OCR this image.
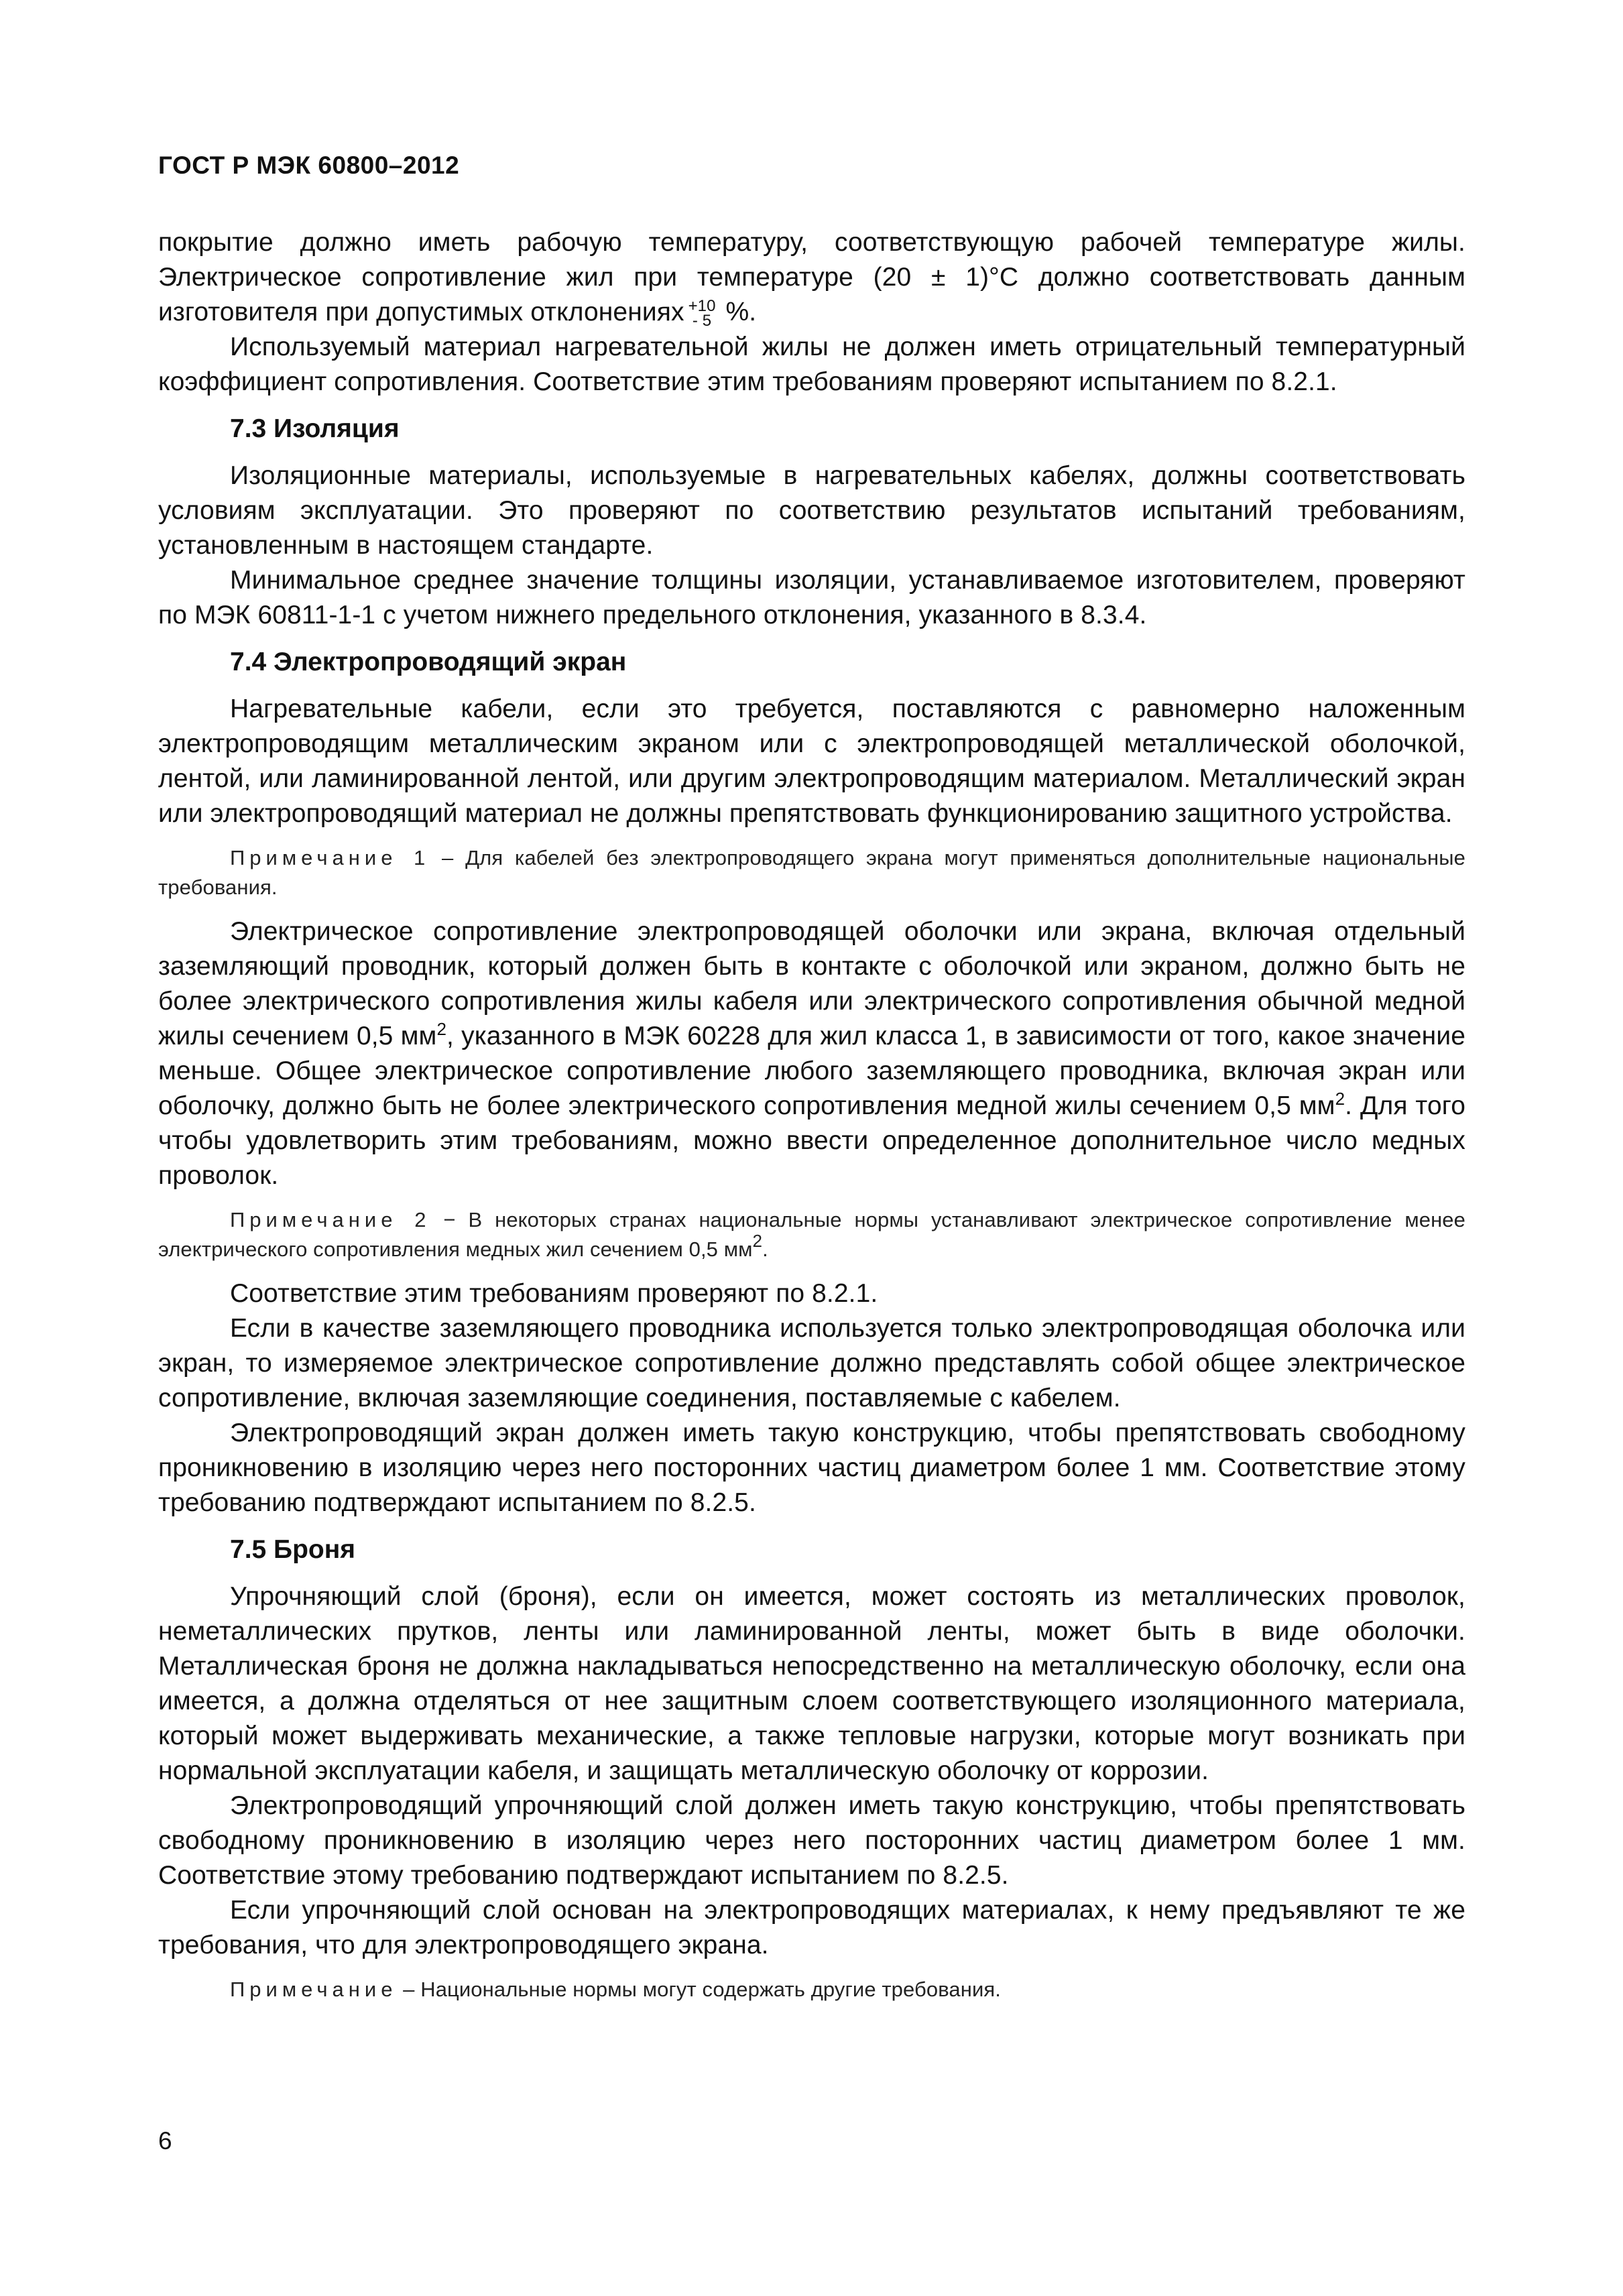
ГОСТ Р МЭК 60800–2012

покрытие должно иметь рабочую температуру, соответствующую рабочей температуре жилы. Электрическое сопротивление жил при температуре (20 ± 1)°C должно соответствовать данным изготовителя при допустимых отклонениях +10
- 5 %.

Используемый материал нагревательной жилы не должен иметь отрицательный температурный коэффициент сопротивления. Соответствие этим требованиям проверяют испытанием по 8.2.1.

7.3 Изоляция

Изоляционные материалы, используемые в нагревательных кабелях, должны соответствовать условиям эксплуатации. Это проверяют по соответствию результатов испытаний требованиям, установленным в настоящем стандарте.

Минимальное среднее значение толщины изоляции, устанавливаемое изготовителем, проверяют по МЭК 60811-1-1 с учетом нижнего предельного отклонения, указанного в 8.3.4.

7.4 Электропроводящий экран

Нагревательные кабели, если это требуется, поставляются с равномерно наложенным электропроводящим металлическим экраном или с электропроводящей металлической оболочкой, лентой, или ламинированной лентой, или другим электропроводящим материалом. Металлический экран или электропроводящий материал не должны препятствовать функционированию защитного устройства.

Примечание 1 – Для кабелей без электропроводящего экрана могут применяться дополнительные национальные требования.

Электрическое сопротивление электропроводящей оболочки или экрана, включая отдельный заземляющий проводник, который должен быть в контакте с оболочкой или экраном, должно быть не более электрического сопротивления жилы кабеля или электрического сопротивления обычной медной жилы сечением 0,5 $мм^2$, указанного в МЭК 60228 для жил класса 1, в зависимости от того, какое значение меньше. Общее электрическое сопротивление любого заземляющего проводника, включая экран или оболочку, должно быть не более электрического сопротивления медной жилы сечением 0,5 $мм^2$. Для того чтобы удовлетворить этим требованиям, можно ввести определенное дополнительное число медных проволок.

Примечание 2 − В некоторых странах национальные нормы устанавливают электрическое сопротивление менее электрического сопротивления медных жил сечением 0,5 $мм^2$.

Соответствие этим требованиям проверяют по 8.2.1.

Если в качестве заземляющего проводника используется только электропроводящая оболочка или экран, то измеряемое электрическое сопротивление должно представлять собой общее электрическое сопротивление, включая заземляющие соединения, поставляемые с кабелем.

Электропроводящий экран должен иметь такую конструкцию, чтобы препятствовать свободному проникновению в изоляцию через него посторонних частиц диаметром более 1 мм. Соответствие этому требованию подтверждают испытанием по 8.2.5.

7.5 Броня

Упрочняющий слой (броня), если он имеется, может состоять из металлических проволок, неметаллических прутков, ленты или ламинированной ленты, может быть в виде оболочки. Металлическая броня не должна накладываться непосредственно на металлическую оболочку, если она имеется, а должна отделяться от нее защитным слоем соответствующего изоляционного материала, который может выдерживать механические, а также тепловые нагрузки, которые могут возникать при нормальной эксплуатации кабеля, и защищать металлическую оболочку от коррозии.

Электропроводящий упрочняющий слой должен иметь такую конструкцию, чтобы препятствовать свободному проникновению в изоляцию через него посторонних частиц диаметром более 1 мм. Соответствие этому требованию подтверждают испытанием по 8.2.5.

Если упрочняющий слой основан на электропроводящих материалах, к нему предъявляют те же требования, что для электропроводящего экрана.

Примечание – Национальные нормы могут содержать другие требования.

6
